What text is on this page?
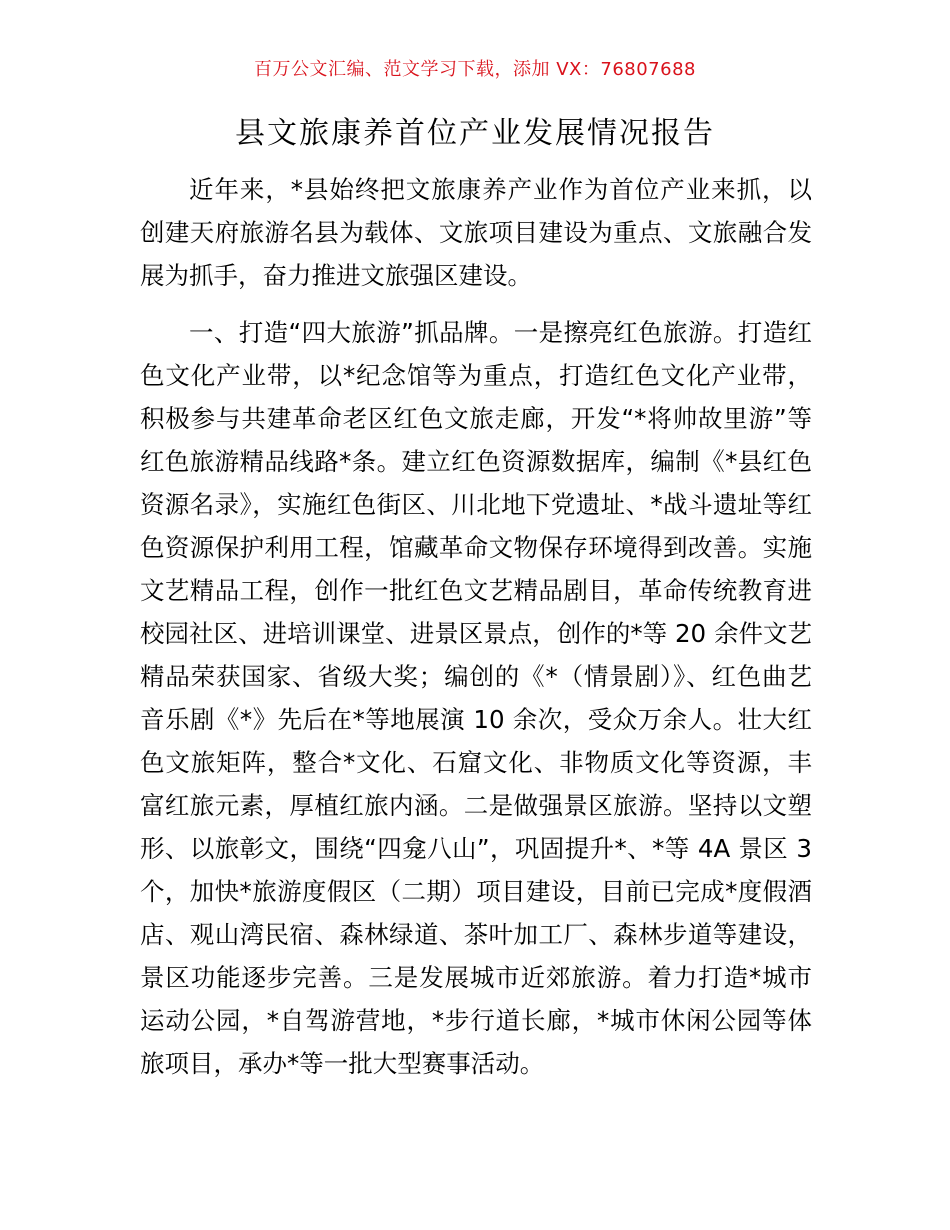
百万公文汇编、范文学习下载，添加 VX：76807688
县文旅康养首位产业发展情况报告

近年来，*县始终把文旅康养产业作为首位产业来抓，以创建天府旅游名县为载体、文旅项目建设为重点、文旅融合发展为抓手，奋力推进文旅强区建设。

一、打造“四大旅游”抓品牌。一是擦亮红色旅游。打造红色文化产业带，以*纪念馆等为重点，打造红色文化产业带，积极参与共建革命老区红色文旅走廊，开发“*将帅故里游”等红色旅游精品线路*条。建立红色资源数据库，编制《*县红色资源名录》，实施红色街区、川北地下党遗址、*战斗遗址等红色资源保护利用工程，馆藏革命文物保存环境得到改善。实施文艺精品工程，创作一批红色文艺精品剧目，革命传统教育进校园社区、进培训课堂、进景区景点，创作的*等 20 余件文艺精品荣获国家、省级大奖；编创的《*（情景剧）》、红色曲艺音乐剧《*》先后在*等地展演 10 余次，受众万余人。壮大红色文旅矩阵，整合*文化、石窟文化、非物质文化等资源，丰富红旅元素，厚植红旅内涵。二是做强景区旅游。坚持以文塑形、以旅彰文，围绕“四龛八山”，巩固提升*、*等 4A 景区 3 个，加快*旅游度假区（二期）项目建设，目前已完成*度假酒店、观山湾民宿、森林绿道、茶叶加工厂、森林步道等建设，景区功能逐步完善。三是发展城市近郊旅游。着力打造*城市运动公园，*自驾游营地，*步行道长廊，*城市休闲公园等体旅项目，承办*等一批大型赛事活动。
